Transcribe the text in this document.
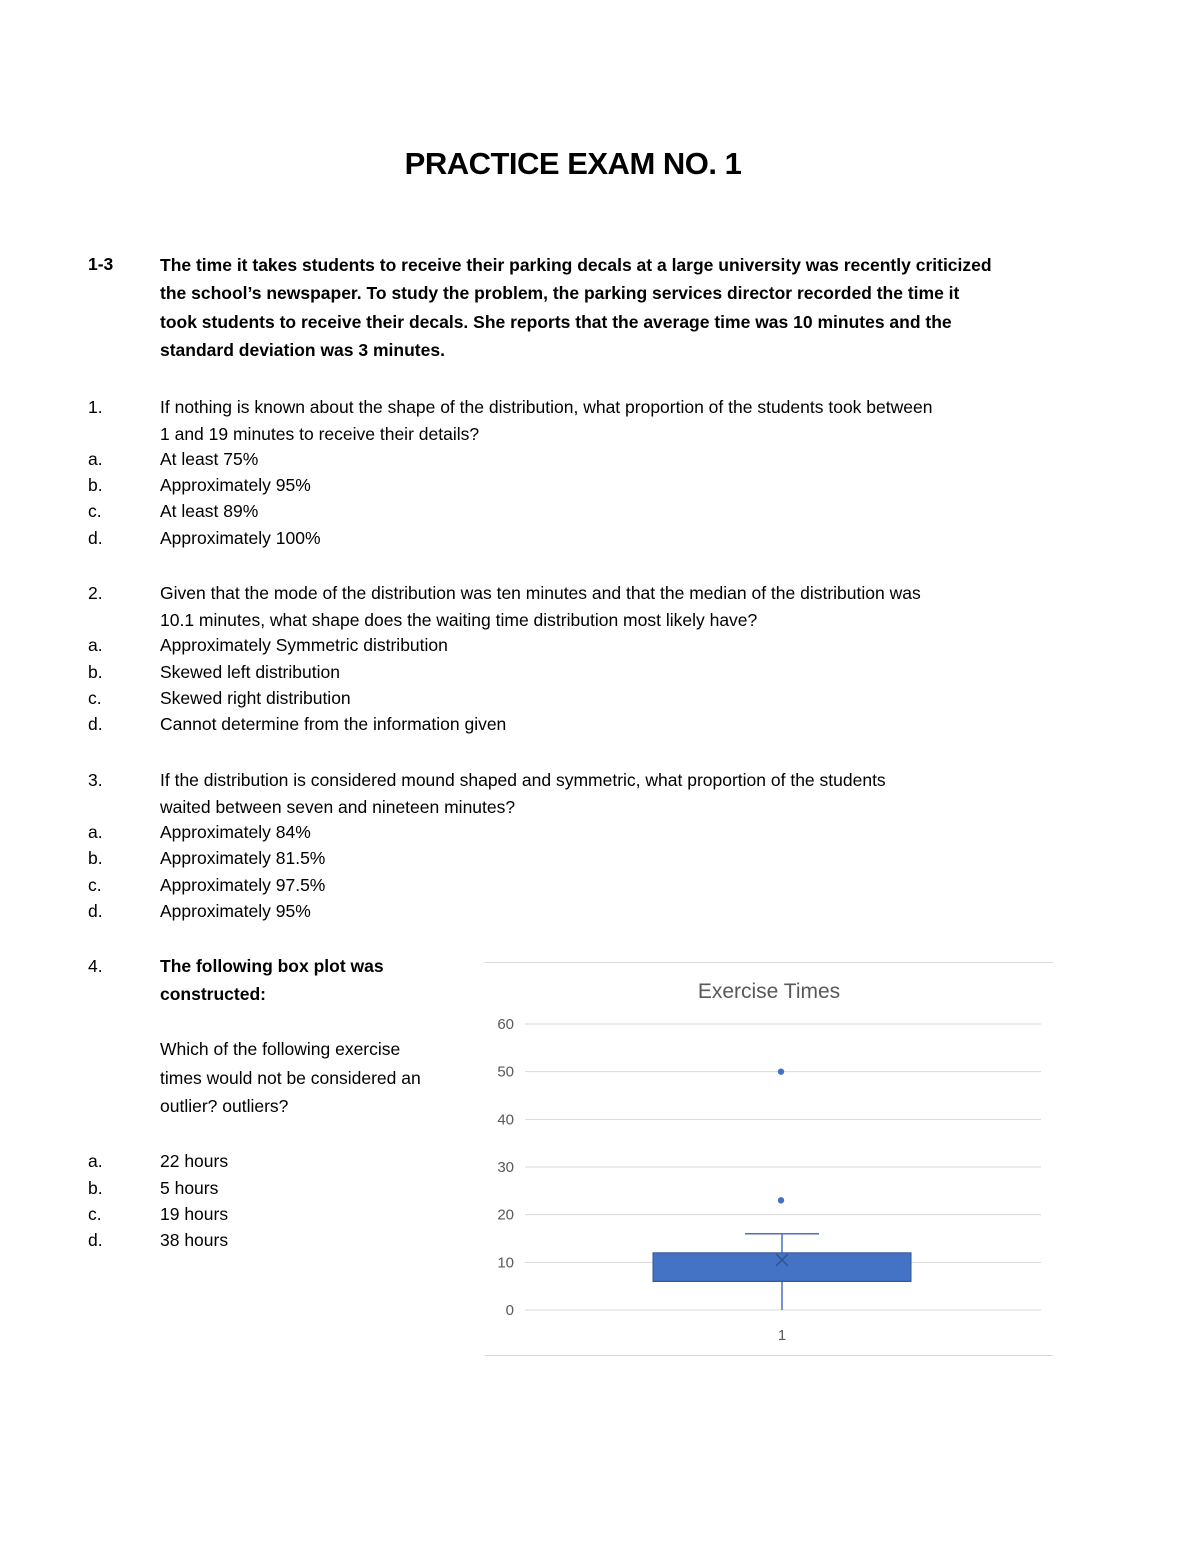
PRACTICE EXAM NO. 1
1-3	The time it takes students to receive their parking decals at a large university was recently criticized
the school’s newspaper. To study the problem, the parking services director recorded the time it
took students to receive their decals. She reports that the average time was 10 minutes and the
standard deviation was 3 minutes.
1.	If nothing is known about the shape of the distribution, what proportion of the students took between
1 and 19 minutes to receive their details?
a.	At least 75%
b.	Approximately 95%
c.	At least 89%
d.	Approximately 100%
2.	Given that the mode of the distribution was ten minutes and that the median of the distribution was
10.1 minutes, what shape does the waiting time distribution most likely have?
a.	Approximately Symmetric distribution
b.	Skewed left distribution
c.	Skewed right distribution
d.	Cannot determine from the information given
3.	If the distribution is considered mound shaped and symmetric, what proportion of the students
waited between seven and nineteen minutes?
a.	Approximately 84%
b.	Approximately 81.5%
c.	Approximately 97.5%
d.	Approximately 95%
4.	The following box plot was
constructed:
Which of the following exercise
times would not be considered an
outlier? outliers?
a.	22 hours
b.	5 hours
c.	19 hours
d.	38 hours
Exercise Times
0
10
20
30
40
50
60
1
